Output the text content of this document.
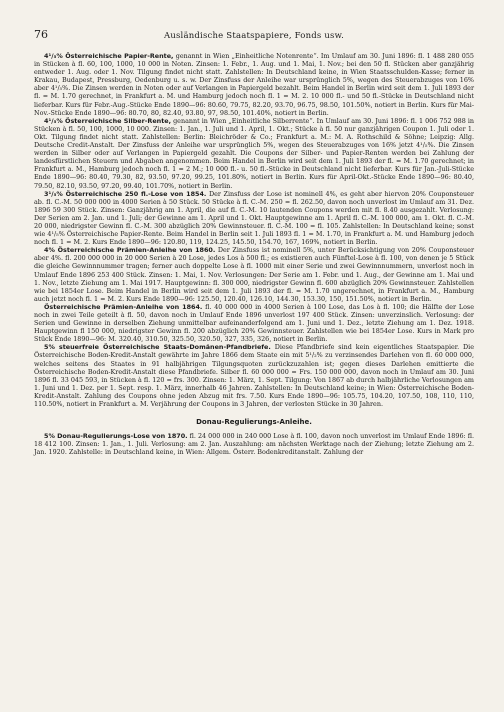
76	Ausländische Staatspapiere, Fonds usw.

4¹/₅% Österreichische Papier-Rente, genannt in Wien „Einheitliche Notenrente“. Im Umlauf am 30. Juni 1896: fl. 1 488 280 055 in Stücken à fl. 60, 100, 1000, 10 000 in Noten. Zinsen: 1. Febr., 1. Aug. und 1. Mai, 1. Nov.; bei den 50 fl. Stücken aber ganzjährig entweder 1. Aug. oder 1. Nov. Tilgung findet nicht statt. Zahlstellen: In Deutschland keine, in Wien Staatsschulden-Kasse; ferner in Krakau, Budapest, Pressburg, Oedenburg u. s. w. Der Zinsfuss der Anleihe war ursprünglich 5%, wegen des Steuerabzuges von 16% aber 4¹/₅%. Die Zinsen werden in Noten oder auf Verlangen in Papiergeld bezahlt. Beim Handel in Berlin wird seit dem 1. Juli 1893 der fl. = M. 1.70 gerechnet, in Frankfurt a. M. und Hamburg jedoch noch fl. 1 = M. 2. 10 000 fl.- und 50 fl.-Stücke in Deutschland nicht lieferbar. Kurs für Febr.-Aug.-Stücke Ende 1890—96: 80.60, 79.75, 82.20, 93.70, 96.75, 98.50, 101.50%, notiert in Berlin. Kurs für Mai-Nov.-Stücke Ende 1890—96: 80.70, 80, 82.40, 93.80, 97, 98.50, 101.40%, notiert in Berlin.

4¹/₅% Österreichische Silber-Rente, genannt in Wien „Einheitliche Silberrente“. In Umlauf am 30. Juni 1896: fl. 1 006 752 988 in Stücken à fl. 50, 100, 1000, 10 000. Zinsen: 1. Jan., 1. Juli und 1. April, 1. Okt.; Stücke à fl. 50 nur ganzjährigen Coupon 1. Juli oder 1. Okt. Tilgung findet nicht statt. Zahlstellen: Berlin: Bleichröder & Co.; Frankfurt a. M.: M. A. Rothschild & Söhne; Leipzig: Allg. Deutsche Credit-Anstalt. Der Zinsfuss der Anleihe war ursprünglich 5%, wegen des Steuerabzuges von 16% jetzt 4¹/₅%. Die Zinsen werden in Silber oder auf Verlangen in Papiergeld gezahlt. Die Coupons der Silber- und Papier-Renten werden bei Zahlung der landesfürstlichen Steuern und Abgaben angenommen. Beim Handel in Berlin wird seit dem 1. Juli 1893 der fl. = M. 1.70 gerechnet; in Frankfurt a. M., Hamburg jedoch noch fl. 1 = 2 M.; 10 000 fl.- u. 50 fl.-Stücke in Deutschland nicht lieferbar. Kurs für Jan.-Juli-Stücke Ende 1890—96: 80.40, 79.30, 82, 93.50, 97.20, 99.25, 101.80%, notiert in Berlin. Kurs für April-Okt.-Stücke Ende 1890—96: 80.40, 79.50, 82.10, 93.50, 97.20, 99.40, 101.70%, notiert in Berlin.

3¹/₅% Österreichische 250 fl.-Lose von 1854. Der Zinsfuss der Lose ist nominell 4%, es geht aber hiervon 20% Couponsteuer ab. fl. C.-M. 50 000 000 in 4000 Serien à 50 Stück. 50 Stücke à fl. C.-M. 250 = fl. 262.50, davon noch unverlost im Umlauf am 31. Dez. 1896 59 300 Stück. Zinsen: Ganzjährig am 1. April, die auf fl. C.-M. 10 lautenden Coupons werden mit fl. 8.40 ausgezahlt. Verlosung: Der Serien am 2. Jan. und 1. Juli; der Gewinne am 1. April und 1. Okt. Hauptgewinne am 1. April fl. C.-M. 100 000, am 1. Okt. fl. C.-M. 20 000, niedrigster Gewinn fl. C.-M. 300 abzüglich 20% Gewinnsteuer. fl. C.-M. 100 = fl. 105. Zahlstellen: In Deutschland keine; sonst wie 4¹/₅% Österreichische Papier-Rente. Beim Handel in Berlin seit 1. Juli 1893 fl. 1 = M. 1.70, in Frankfurt a. M. und Hamburg jedoch noch fl. 1 = M. 2. Kurs Ende 1890—96: 120.80, 119, 124.25, 145.50, 154.70, 167, 169%, notiert in Berlin.

4% Österreichische Prämien-Anleihe von 1860. Der Zinsfuss ist nominell 5%, unter Berücksichtigung von 20% Couponsteuer aber 4%. fl. 200 000 000 in 20 000 Serien à 20 Lose, jedes Los à 500 fl.; es existieren auch Fünftel-Lose à fl. 100, von denen je 5 Stück die gleiche Gewinnnummer tragen; ferner auch doppelte Lose à fl. 1000 mit einer Serie und zwei Gewinnnummern, unverlost noch in Umlauf Ende 1896 253 400 Stück. Zinsen: 1. Mai, 1. Nov. Verlosungen: Der Serie am 1. Febr. und 1. Aug., der Gewinne am 1. Mai und 1. Nov., letzte Ziehung am 1. Mai 1917. Hauptgewinn: fl. 300 000, niedrigster Gewinn fl. 600 abzüglich 20% Gewinnsteuer. Zahlstellen wie bei 1854er Lose. Beim Handel in Berlin wird seit dem 1. Juli 1893 der fl. = M. 1.70 ungerechnet, in Frankfurt a. M., Hamburg auch jetzt noch fl. 1 = M. 2. Kurs Ende 1890—96: 125.50, 120.40, 126.10, 144.30, 153.30, 150, 151.50%, notiert in Berlin.

Österreichische Prämien-Anleihe von 1864. fl. 40 000 000 in 4000 Serien à 100 Lose, das Los à fl. 100; die Hälfte der Lose noch in zwei Teile geteilt à fl. 50, davon noch in Umlauf Ende 1896 unverlost 197 400 Stück. Zinsen: unverzinslich. Verlosung: der Serien und Gewinne in derselben Ziehung unmittelbar aufeinanderfolgend am 1. Juni und 1. Dez., letzte Ziehung am 1. Dez. 1918. Hauptgewinn fl 150 000, niedrigster Gewinn fl. 200 abzüglich 20% Gewinnsteuer. Zahlstellen wie bei 1854er Lose. Kurs in Mark pro Stück Ende 1890—96: M. 320.40, 310.50, 325.50, 320.50, 327, 335, 326, notiert in Berlin.

5% steuerfreie Österreichische Staats-Domänen-Pfandbriefe. Diese Pfandbriefe sind kein eigentliches Staatspapier. Die Österreichische Boden-Kredit-Anstalt gewährte im Jahre 1866 dem Staate ein mit 5¹/₂% zu verzinsendes Darlehen von fl. 60 000 000, welches seitens des Staates in 91 halbjährigen Tilgungsquoten zurückzuzahlen ist; gegen dieses Darlehen emittierte die Österreichische Boden-Kredit-Anstalt diese Pfandbriefe. Silber fl. 60 000 000 = Frs. 150 000 000, davon noch in Umlauf am 30. Juni 1896 fl. 33 045 593, in Stücken à fl. 120 = frs. 300. Zinsen: 1. März, 1. Sept. Tilgung: Von 1867 ab durch halbjährliche Verlosungen am 1. Juni und 1. Dez. per 1. Sept. resp. 1. März, innerhalb 46 Jahren. Zahlstellen: In Deutschland keine; in Wien: Österreichische Boden-Kredit-Anstalt. Zahlung des Coupons ohne jeden Abzug mit frs. 7.50. Kurs Ende 1890—96: 105.75, 104.20, 107.50, 108, 110, 110, 110.50%, notiert in Frankfurt a. M. Verjährung der Coupons in 3 Jahren, der verlosten Stücke in 30 Jahren.

Donau-Regulierungs-Anleihe.

5% Donau-Regulierungs-Lose von 1870. fl. 24 000 000 in 240 000 Lose à fl. 100, davon noch unverlost im Umlauf Ende 1896: fl. 18 412 100. Zinsen: 1. Jan., 1. Juli. Verlosung: am 2. Jan. Auszahlung: am nächsten Werktage nach der Ziehung; letzte Ziehung am 2. Jan. 1920. Zahlstelle: in Deutschland keine, in Wien: Allgem. Österr. Bodenkreditanstalt. Zahlung der
